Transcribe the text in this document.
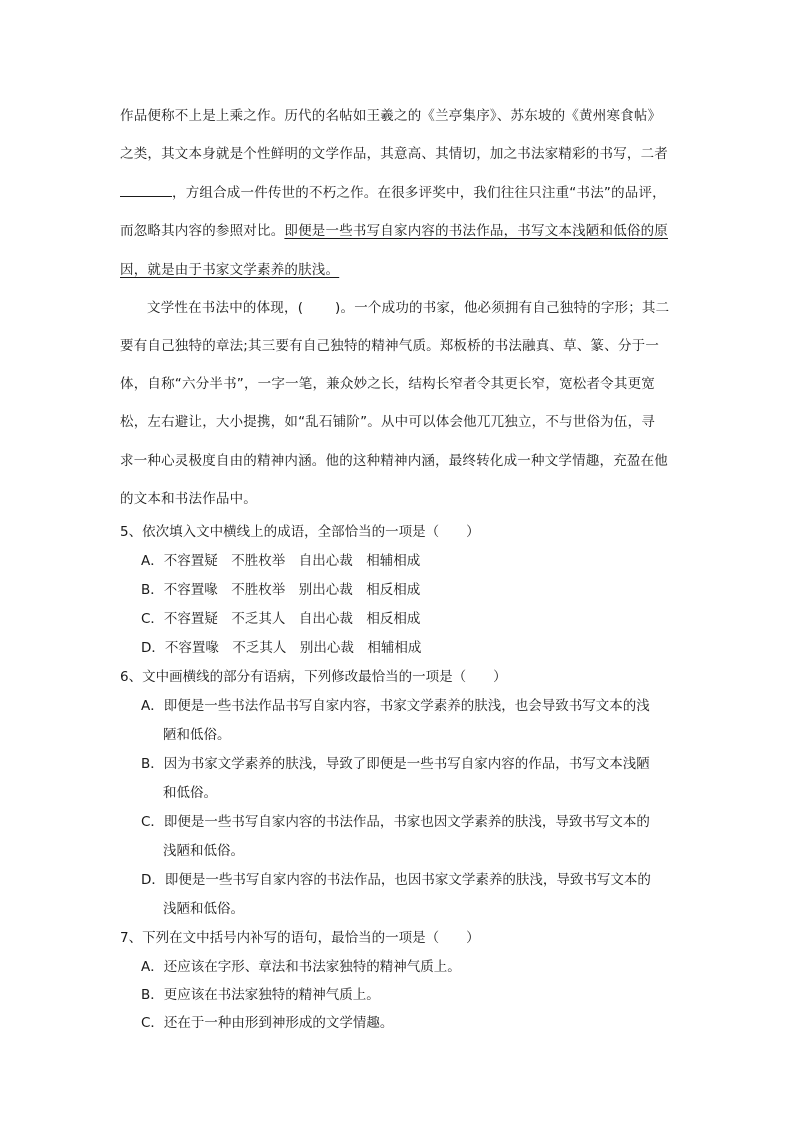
作品便称不上是上乘之作。历代的名帖如王羲之的《兰亭集序》、苏东坡的《黄州寒食帖》
之类，其文本身就是个性鲜明的文学作品，其意高、其情切，加之书法家精彩的书写，二者
，方组合成一件传世的不朽之作。在很多评奖中，我们往往只注重“书法”的品评，
而忽略其内容的参照对比。即便是一些书写自家内容的书法作品，书写文本浅陋和低俗的原
因，就是由于书家文学素养的肤浅。
文学性在书法中的体现，(　　 )。一个成功的书家，他必须拥有自己独特的字形；其二
要有自己独特的章法;其三要有自己独特的精神气质。郑板桥的书法融真、草、篆、分于一
体，自称“六分半书”，一字一笔，兼众妙之长，结构长窄者令其更长窄，宽松者令其更宽
松，左右避让，大小提携，如“乱石铺阶”。从中可以体会他兀兀独立，不与世俗为伍，寻
求一种心灵极度自由的精神内涵。他的这种精神内涵，最终转化成一种文学情趣，充盈在他
的文本和书法作品中。
5、依次填入文中横线上的成语，全部恰当的一项是（　　）
A．不容置疑　不胜枚举　自出心裁　相辅相成
B．不容置喙　不胜枚举　别出心裁　相反相成
C．不容置疑　不乏其人　自出心裁　相反相成
D．不容置喙　不乏其人　别出心裁　相辅相成
6、文中画横线的部分有语病，下列修改最恰当的一项是（　　）
A．即便是一些书法作品书写自家内容，书家文学素养的肤浅，也会导致书写文本的浅
陋和低俗。
B．因为书家文学素养的肤浅，导致了即便是一些书写自家内容的作品，书写文本浅陋
和低俗。
C．即便是一些书写自家内容的书法作品，书家也因文学素养的肤浅，导致书写文本的
浅陋和低俗。
D．即便是一些书写自家内容的书法作品，也因书家文学素养的肤浅，导致书写文本的
浅陋和低俗。
7、下列在文中括号内补写的语句，最恰当的一项是（　　）
A．还应该在字形、章法和书法家独特的精神气质上。
B．更应该在书法家独特的精神气质上。
C．还在于一种由形到神形成的文学情趣。
